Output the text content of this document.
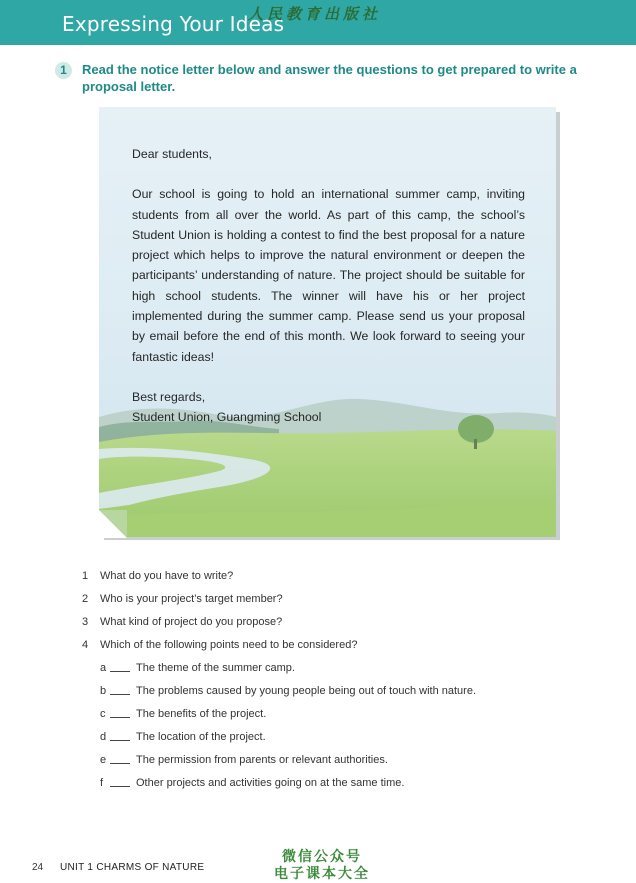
Expressing Your Ideas
人民教育出版社
1	Read the notice letter below and answer the questions to get prepared to write a proposal letter.

Dear students,

Our school is going to hold an international summer camp, inviting students from all over the world. As part of this camp, the school’s Student Union is holding a contest to find the best proposal for a nature project which helps to improve the natural environment or deepen the participants’ understanding of nature. The project should be suitable for high school students. The winner will have his or her project implemented during the summer camp. Please send us your proposal by email before the end of this month. We look forward to seeing your fantastic ideas!

Best regards,

Student Union, Guangming School

1 What do you have to write?
2 Who is your project’s target member?
3 What kind of project do you propose?
4 Which of the following points need to be considered?
a	The theme of the summer camp.
b	The problems caused by young people being out of touch with nature.
c	The benefits of the project.
d	The location of the project.
e	The permission from parents or relevant authorities.
f	Other projects and activities going on at the same time.
24 UNIT 1 CHARMS OF NATURE
微信公众号
电子课本大全
